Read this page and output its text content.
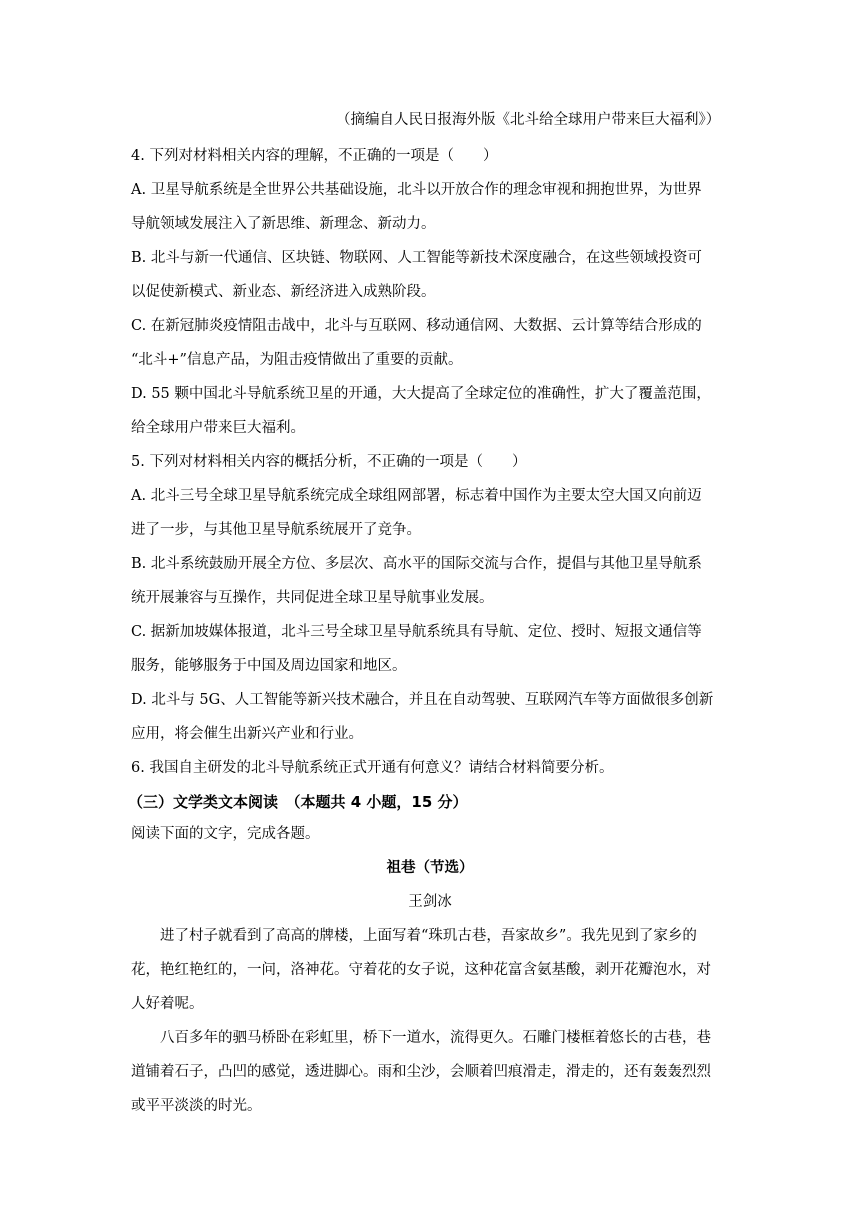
（摘编自人民日报海外版《北斗给全球用户带来巨大福利》）
4. 下列对材料相关内容的理解，不正确的一项是（　　）
A. 卫星导航系统是全世界公共基础设施，北斗以开放合作的理念审视和拥抱世界，为世界
导航领域发展注入了新思维、新理念、新动力。
B. 北斗与新一代通信、区块链、物联网、人工智能等新技术深度融合，在这些领域投资可
以促使新模式、新业态、新经济进入成熟阶段。
C. 在新冠肺炎疫情阻击战中，北斗与互联网、移动通信网、大数据、云计算等结合形成的
“北斗+”信息产品，为阻击疫情做出了重要的贡献。
D. 55 颗中国北斗导航系统卫星的开通，大大提高了全球定位的准确性，扩大了覆盖范围，
给全球用户带来巨大福利。
5. 下列对材料相关内容的概括分析，不正确的一项是（　　）
A. 北斗三号全球卫星导航系统完成全球组网部署，标志着中国作为主要太空大国又向前迈
进了一步，与其他卫星导航系统展开了竞争。
B. 北斗系统鼓励开展全方位、多层次、高水平的国际交流与合作，提倡与其他卫星导航系
统开展兼容与互操作，共同促进全球卫星导航事业发展。
C. 据新加坡媒体报道，北斗三号全球卫星导航系统具有导航、定位、授时、短报文通信等
服务，能够服务于中国及周边国家和地区。
D. 北斗与 5G、人工智能等新兴技术融合，并且在自动驾驶、互联网汽车等方面做很多创新
应用，将会催生出新兴产业和行业。
6. 我国自主研发的北斗导航系统正式开通有何意义？请结合材料简要分析。
（三）文学类文本阅读　（本题共 4 小题，15 分）
阅读下面的文字，完成各题。
祖巷（节选）
王剑冰
进了村子就看到了高高的牌楼，上面写着“珠玑古巷，吾家故乡”。我先见到了家乡的
花，艳红艳红的，一问，洛神花。守着花的女子说，这种花富含氨基酸，剥开花瓣泡水，对
人好着呢。
八百多年的驷马桥卧在彩虹里，桥下一道水，流得更久。石雕门楼框着悠长的古巷，巷
道铺着石子，凸凹的感觉，透进脚心。雨和尘沙，会顺着凹痕滑走，滑走的，还有轰轰烈烈
或平平淡淡的时光。
